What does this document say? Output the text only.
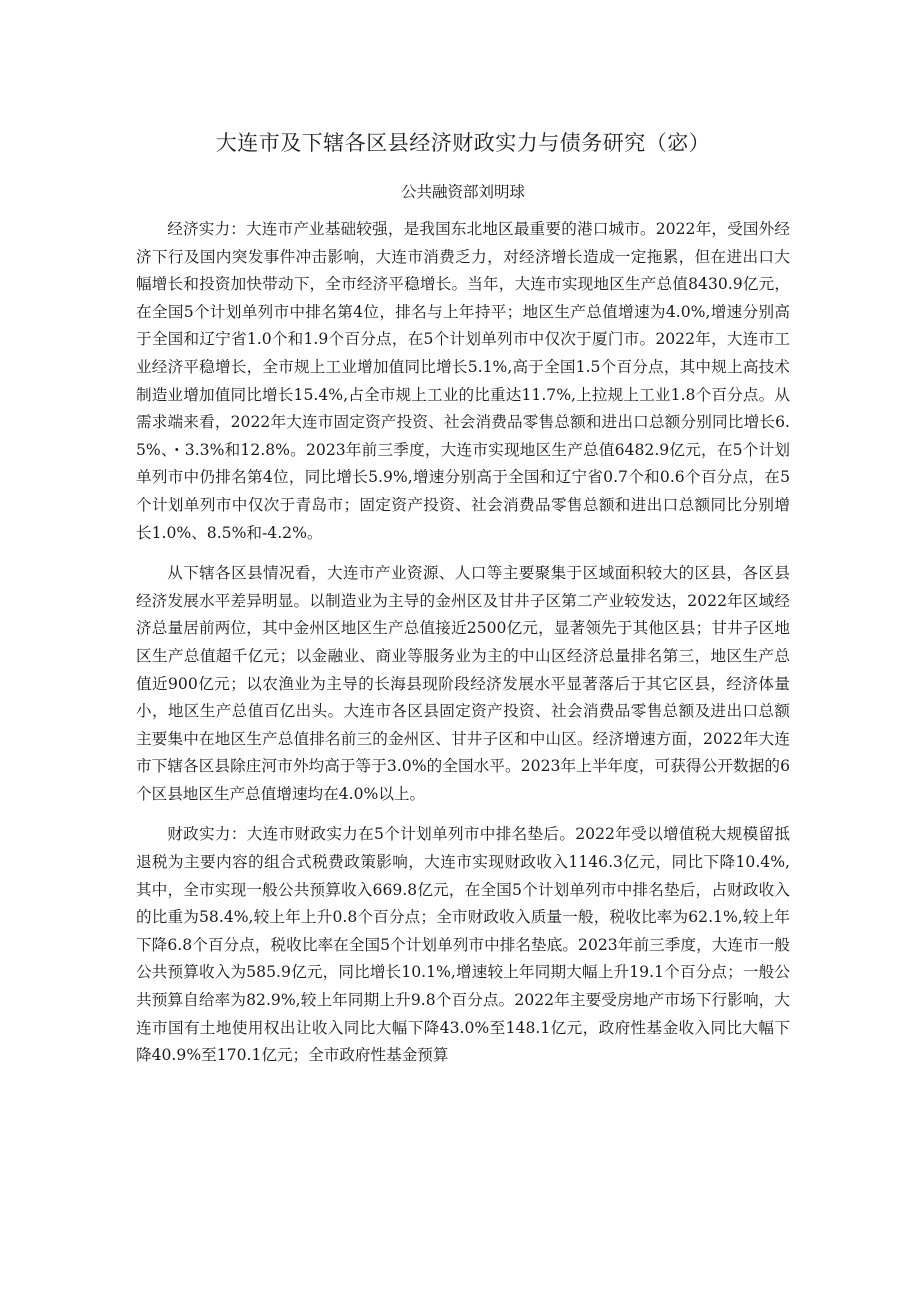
大连市及下辖各区县经济财政实力与债务研究（宓）
公共融资部刘明球

经济实力：大连市产业基础较强，是我国东北地区最重要的港口城市。2022年，受国外经济下行及国内突发事件冲击影响，大连市消费乏力，对经济增长造成一定拖累，但在进出口大幅增长和投资加快带动下，全市经济平稳增长。当年，大连市实现地区生产总值8430.9亿元，在全国5个计划单列市中排名第4位，排名与上年持平；地区生产总值增速为4.0%,增速分别高于全国和辽宁省1.0个和1.9个百分点，在5个计划单列市中仅次于厦门市。2022年，大连市工业经济平稳增长，全市规上工业增加值同比增长5.1%,高于全国1.5个百分点，其中规上高技术制造业增加值同比增长15.4%,占全市规上工业的比重达11.7%,上拉规上工业1.8个百分点。从需求端来看，2022年大连市固定资产投资、社会消费品零售总额和进出口总额分别同比增长6.5%、・3.3%和12.8%。2023年前三季度，大连市实现地区生产总值6482.9亿元，在5个计划单列市中仍排名第4位，同比增长5.9%,增速分别高于全国和辽宁省0.7个和0.6个百分点，在5个计划单列市中仅次于青岛市；固定资产投资、社会消费品零售总额和进出口总额同比分别增长1.0%、8.5%和-4.2%。

从下辖各区县情况看，大连市产业资源、人口等主要聚集于区域面积较大的区县，各区县经济发展水平差异明显。以制造业为主导的金州区及甘井子区第二产业较发达，2022年区域经济总量居前两位，其中金州区地区生产总值接近2500亿元，显著领先于其他区县；甘井子区地区生产总值超千亿元；以金融业、商业等服务业为主的中山区经济总量排名第三，地区生产总值近900亿元；以农渔业为主导的长海县现阶段经济发展水平显著落后于其它区县，经济体量小，地区生产总值百亿出头。大连市各区县固定资产投资、社会消费品零售总额及进出口总额主要集中在地区生产总值排名前三的金州区、甘井子区和中山区。经济增速方面，2022年大连市下辖各区县除庄河市外均高于等于3.0%的全国水平。2023年上半年度，可获得公开数据的6个区县地区生产总值增速均在4.0%以上。

财政实力：大连市财政实力在5个计划单列市中排名垫后。2022年受以增值税大规模留抵退税为主要内容的组合式税费政策影响，大连市实现财政收入1146.3亿元，同比下降10.4%,其中，全市实现一般公共预算收入669.8亿元，在全国5个计划单列市中排名垫后，占财政收入的比重为58.4%,较上年上升0.8个百分点；全市财政收入质量一般，税收比率为62.1%,较上年下降6.8个百分点，税收比率在全国5个计划单列市中排名垫底。2023年前三季度，大连市一般公共预算收入为585.9亿元，同比增长10.1%,增速较上年同期大幅上升19.1个百分点；一般公共预算自给率为82.9%,较上年同期上升9.8个百分点。2022年主要受房地产市场下行影响，大连市国有土地使用权出让收入同比大幅下降43.0%至148.1亿元，政府性基金收入同比大幅下降40.9%至170.1亿元；全市政府性基金预算
